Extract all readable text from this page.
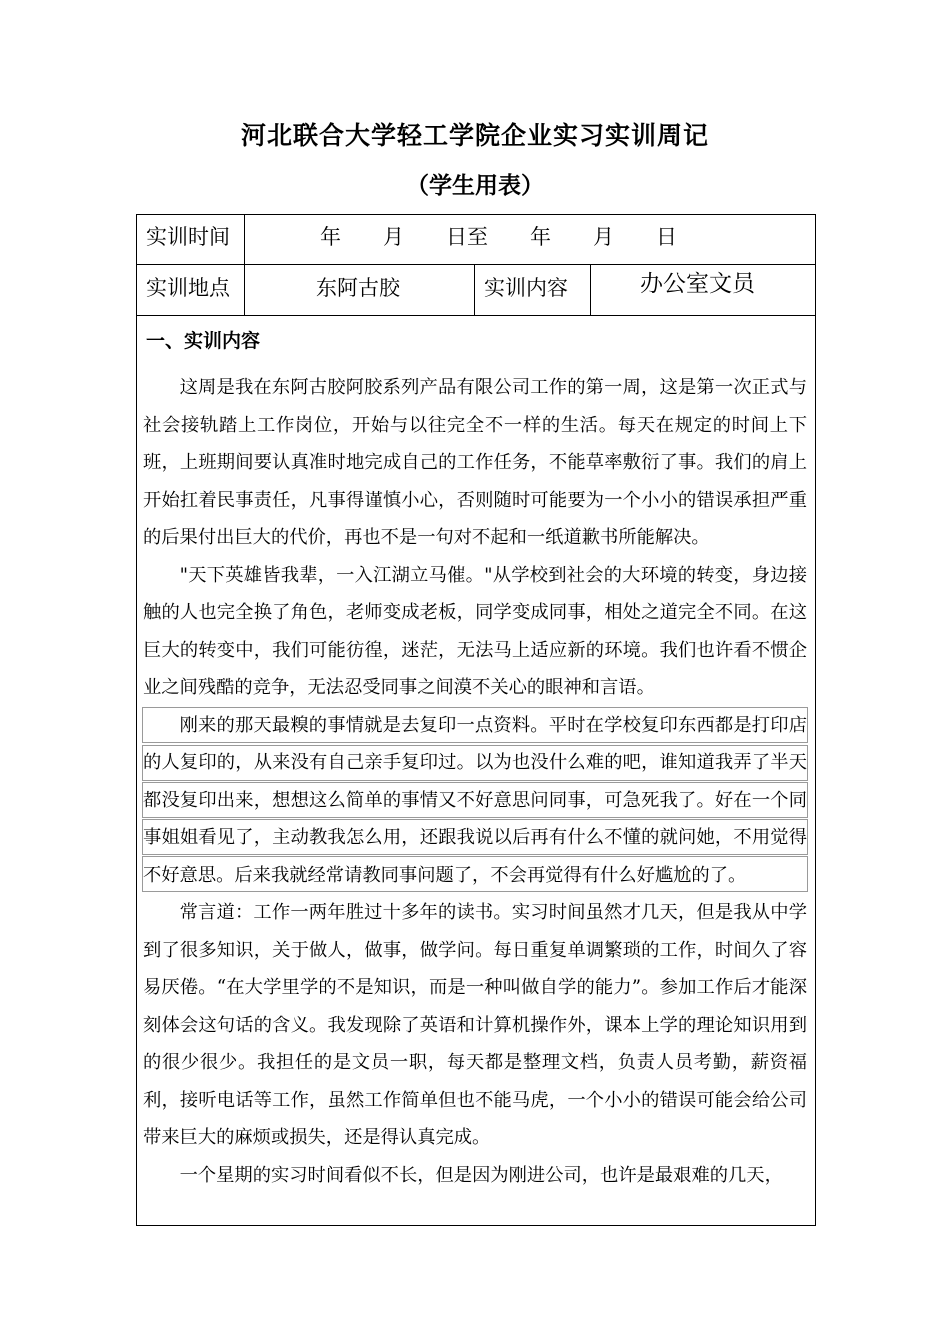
河北联合大学轻工学院企业实习实训周记
（学生用表）
实训时间	年　　月　　日至　　年　　月　　日
实训地点	东阿古胶	实训内容	办公室文员
一、实训内容

这周是我在东阿古胶阿胶系列产品有限公司工作的第一周，这是第一次正式与社会接轨踏上工作岗位，开始与以往完全不一样的生活。每天在规定的时间上下班，上班期间要认真准时地完成自己的工作任务，不能草率敷衍了事。我们的肩上开始扛着民事责任，凡事得谨慎小心，否则随时可能要为一个小小的错误承担严重的后果付出巨大的代价，再也不是一句对不起和一纸道歉书所能解决。

"天下英雄皆我辈，一入江湖立马催。"从学校到社会的大环境的转变，身边接触的人也完全换了角色，老师变成老板，同学变成同事，相处之道完全不同。在这巨大的转变中，我们可能彷徨，迷茫，无法马上适应新的环境。我们也许看不惯企业之间残酷的竞争，无法忍受同事之间漠不关心的眼神和言语。

刚来的那天最糗的事情就是去复印一点资料。平时在学校复印东西都是打印店的人复印的，从来没有自己亲手复印过。以为也没什么难的吧，谁知道我弄了半天都没复印出来，想想这么简单的事情又不好意思问同事，可急死我了。好在一个同事姐姐看见了，主动教我怎么用，还跟我说以后再有什么不懂的就问她，不用觉得不好意思。后来我就经常请教同事问题了，不会再觉得有什么好尴尬的了。

常言道：工作一两年胜过十多年的读书。实习时间虽然才几天，但是我从中学到了很多知识，关于做人，做事，做学问。每日重复单调繁琐的工作，时间久了容易厌倦。“在大学里学的不是知识，而是一种叫做自学的能力”。参加工作后才能深刻体会这句话的含义。我发现除了英语和计算机操作外，课本上学的理论知识用到的很少很少。我担任的是文员一职，每天都是整理文档，负责人员考勤，薪资福利，接听电话等工作，虽然工作简单但也不能马虎，一个小小的错误可能会给公司带来巨大的麻烦或损失，还是得认真完成。

一个星期的实习时间看似不长，但是因为刚进公司，也许是最艰难的几天，
